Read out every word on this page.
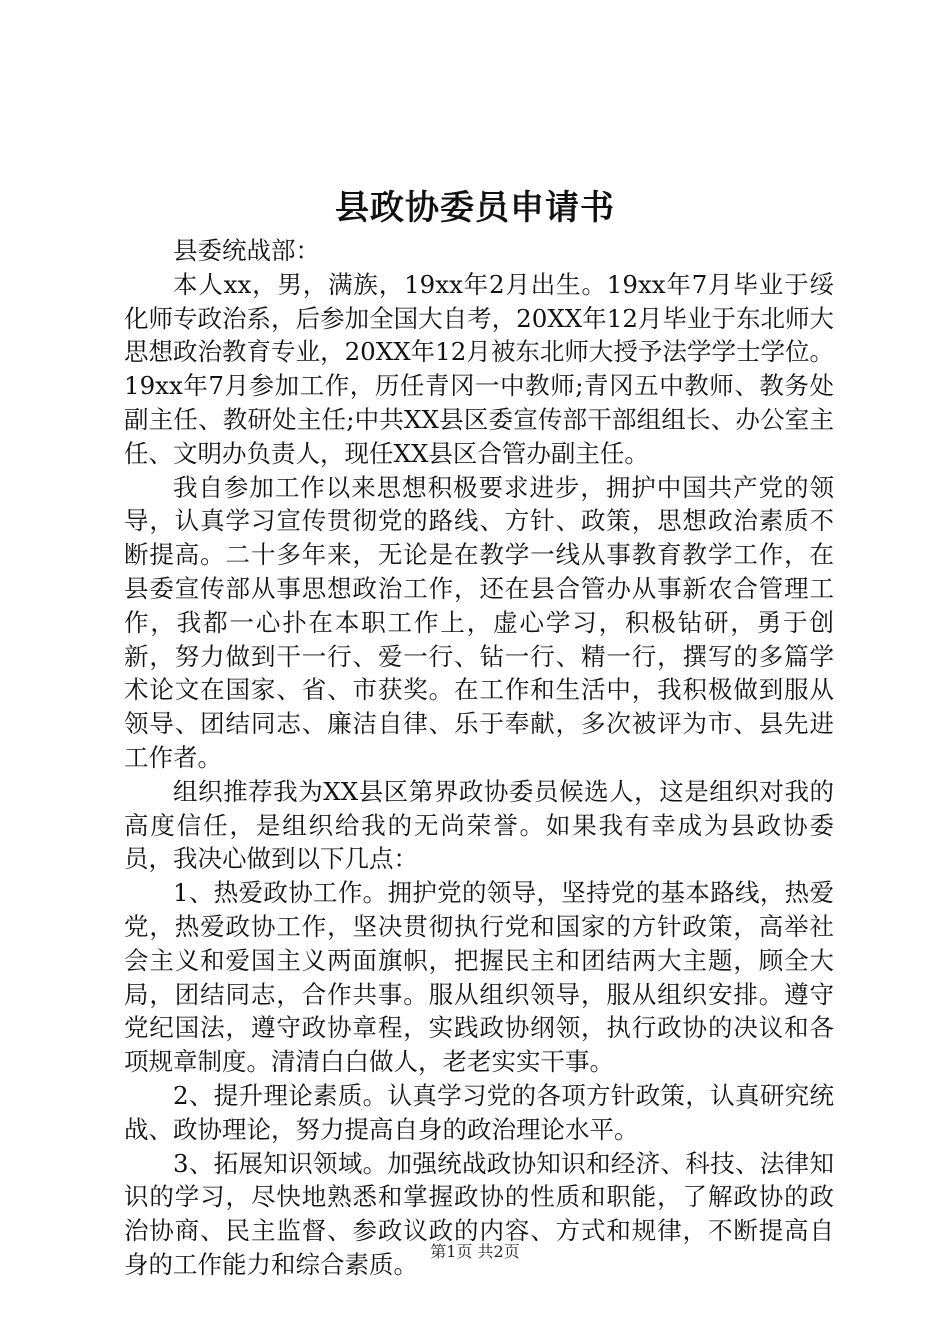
县政协委员申请书

县委统战部：

本人xx，男，满族，19xx年2月出生。19xx年7月毕业于绥化师专政治系，后参加全国大自考，20XX年12月毕业于东北师大思想政治教育专业，20XX年12月被东北师大授予法学学士学位。19xx年7月参加工作，历任青冈一中教师;青冈五中教师、教务处副主任、教研处主任;中共XX县区委宣传部干部组组长、办公室主任、文明办负责人，现任XX县区合管办副主任。

我自参加工作以来思想积极要求进步，拥护中国共产党的领导，认真学习宣传贯彻党的路线、方针、政策，思想政治素质不断提高。二十多年来，无论是在教学一线从事教育教学工作，在县委宣传部从事思想政治工作，还在县合管办从事新农合管理工作，我都一心扑在本职工作上，虚心学习，积极钻研，勇于创新，努力做到干一行、爱一行、钻一行、精一行，撰写的多篇学术论文在国家、省、市获奖。在工作和生活中，我积极做到服从领导、团结同志、廉洁自律、乐于奉献，多次被评为市、县先进工作者。

组织推荐我为XX县区第界政协委员候选人，这是组织对我的高度信任，是组织给我的无尚荣誉。如果我有幸成为县政协委员，我决心做到以下几点：

1、热爱政协工作。拥护党的领导，坚持党的基本路线，热爱党，热爱政协工作，坚决贯彻执行党和国家的方针政策，高举社会主义和爱国主义两面旗帜，把握民主和团结两大主题，顾全大局，团结同志，合作共事。服从组织领导，服从组织安排。遵守党纪国法，遵守政协章程，实践政协纲领，执行政协的决议和各项规章制度。清清白白做人，老老实实干事。

2、提升理论素质。认真学习党的各项方针政策，认真研究统战、政协理论，努力提高自身的政治理论水平。

3、拓展知识领域。加强统战政协知识和经济、科技、法律知识的学习，尽快地熟悉和掌握政协的性质和职能，了解政协的政治协商、民主监督、参政议政的内容、方式和规律，不断提高自身的工作能力和综合素质。 第1页 共2页
